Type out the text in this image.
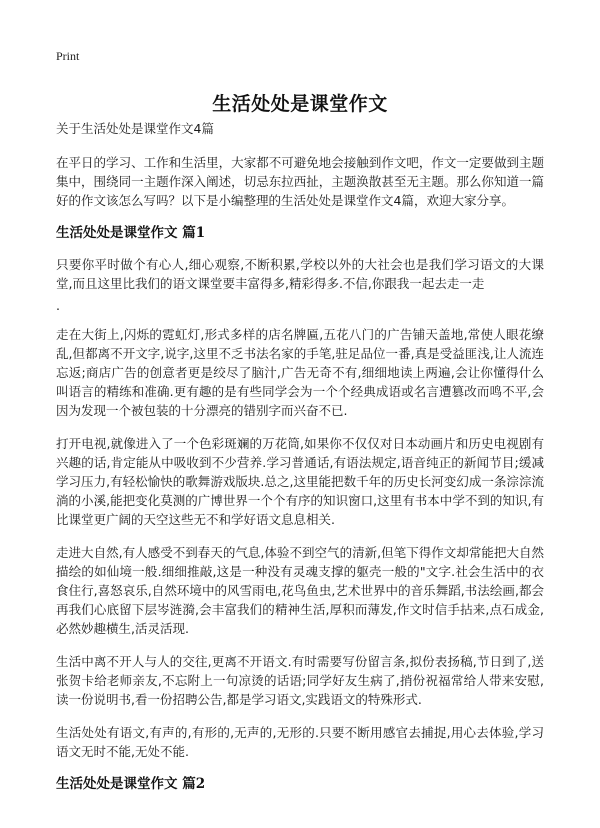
Print
生活处处是课堂作文
关于生活处处是课堂作文4篇

在平日的学习、工作和生活里，大家都不可避免地会接触到作文吧，作文一定要做到主题集中，围绕同一主题作深入阐述，切忌东拉西扯，主题涣散甚至无主题。那么你知道一篇好的作文该怎么写吗？以下是小编整理的生活处处是课堂作文4篇，欢迎大家分享。

生活处处是课堂作文 篇1

只要你平时做个有心人,细心观察,不断积累,学校以外的大社会也是我们学习语文的大课堂,而且这里比我们的语文课堂要丰富得多,精彩得多.不信,你跟我一起去走一走

.

走在大街上,闪烁的霓虹灯,形式多样的店名牌匾,五花八门的广告铺天盖地,常使人眼花缭乱,但都离不开文字,说字,这里不乏书法名家的手笔,驻足品位一番,真是受益匪浅,让人流连忘返;商店广告的创意者更是绞尽了脑汁,广告无奇不有,细细地读上两遍,会让你懂得什么叫语言的精练和准确.更有趣的是有些同学会为一个个经典成语或名言遭篡改而鸣不平,会因为发现一个被包装的十分漂亮的错别字而兴奋不已.

打开电视,就像进入了一个色彩斑斓的万花筒,如果你不仅仅对日本动画片和历史电视剧有兴趣的话,肯定能从中吸收到不少营养.学习普通话,有语法规定,语音纯正的新闻节目;缓减学习压力,有轻松愉快的歌舞游戏版块.总之,这里能把数千年的历史长河变幻成一条淙淙流淌的小溪,能把变化莫测的广博世界一个个有序的知识窗口,这里有书本中学不到的知识,有比课堂更广阔的天空这些无不和学好语文息息相关.

走进大自然,有人感受不到春天的气息,体验不到空气的清新,但笔下得作文却常能把大自然描绘的如仙境一般.细细推敲,这是一种没有灵魂支撑的躯壳一般的"文字.社会生活中的衣食住行,喜怒哀乐,自然环境中的风雪雨电,花鸟鱼虫,艺术世界中的音乐舞蹈,书法绘画,都会再我们心底留下层岑涟漪,会丰富我们的精神生活,厚积而薄发,作文时信手拈来,点石成金,必然妙趣横生,活灵活现.

生活中离不开人与人的交往,更离不开语文.有时需要写份留言条,拟份表扬稿,节日到了,送张贺卡给老师亲友,不忘附上一句凉烫的话语;同学好友生病了,捎份祝福常给人带来安慰,读一份说明书,看一份招聘公告,都是学习语文,实践语文的特殊形式.

生活处处有语文,有声的,有形的,无声的,无形的.只要不断用感官去捕捉,用心去体验,学习语文无时不能,无处不能.

生活处处是课堂作文 篇2
